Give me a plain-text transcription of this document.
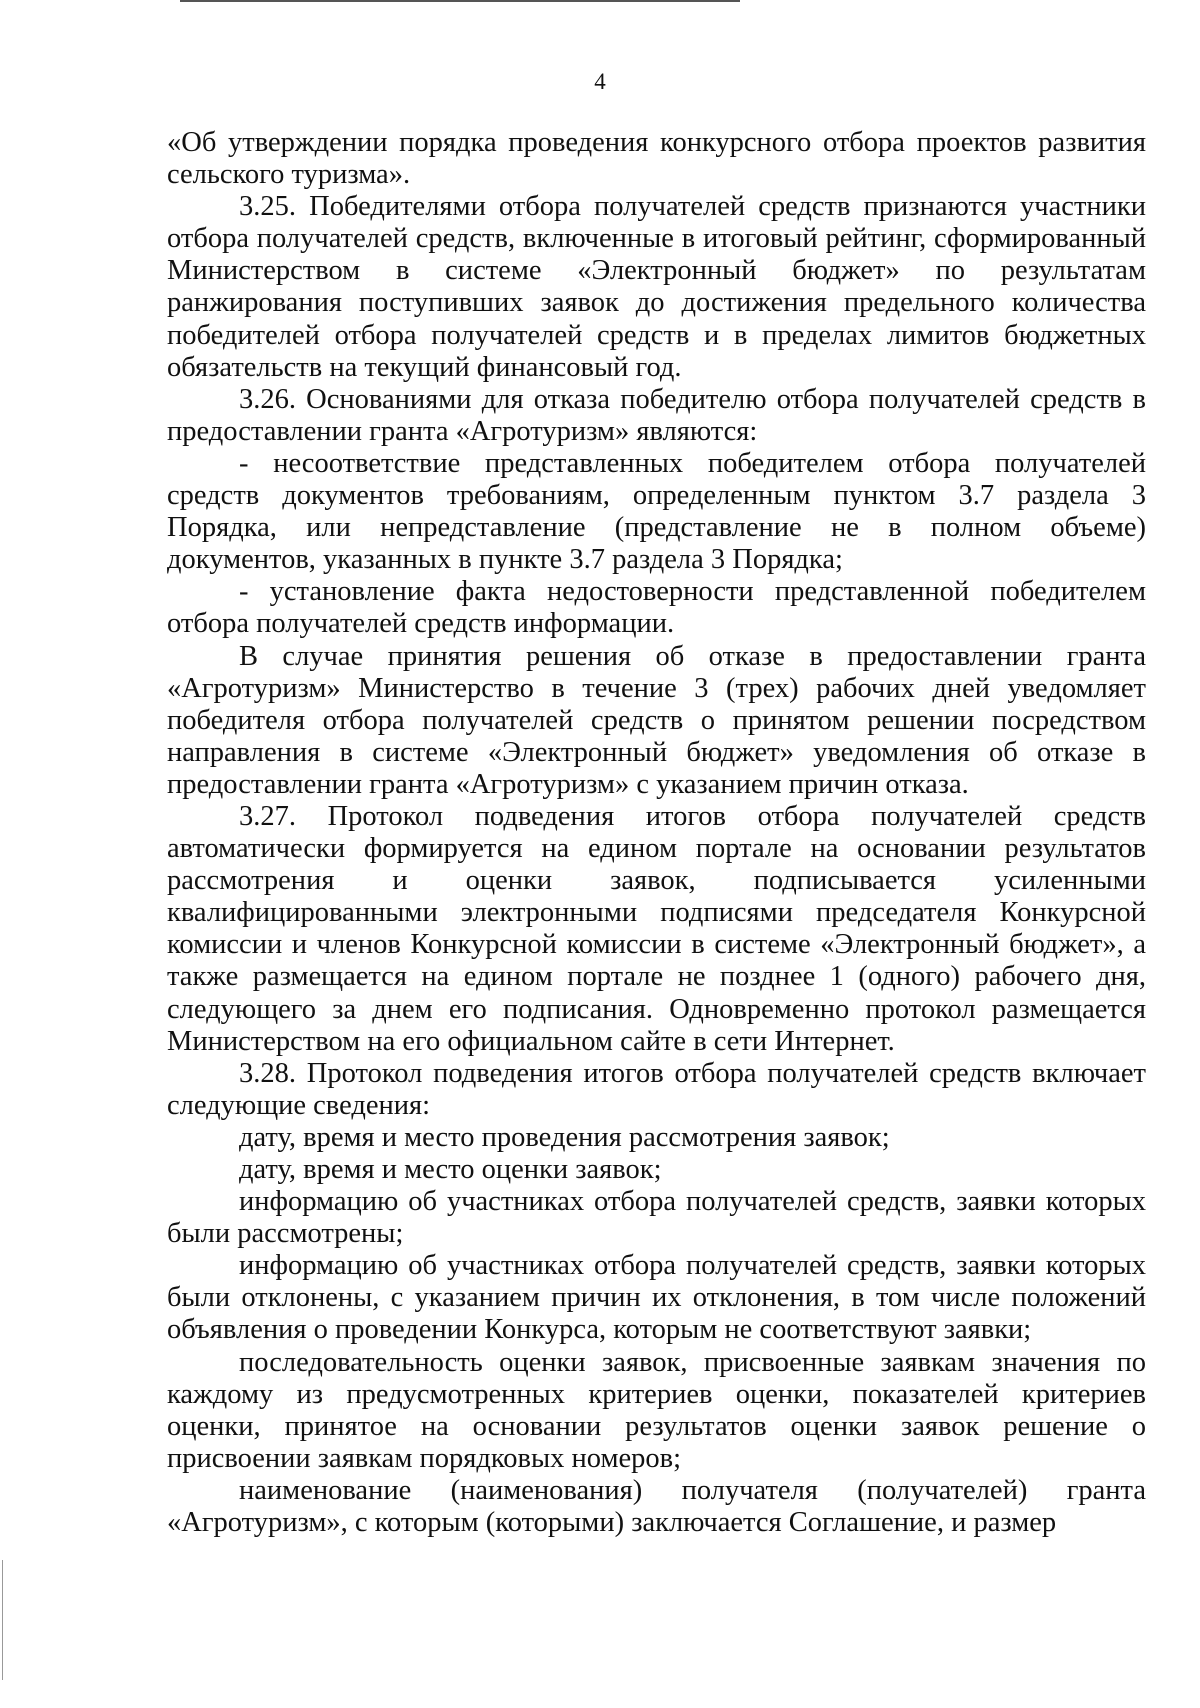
4

«Об утверждении порядка проведения конкурсного отбора проектов развития сельского туризма».

3.25. Победителями отбора получателей средств признаются участники отбора получателей средств, включенные в итоговый рейтинг, сформированный Министерством в системе «Электронный бюджет» по результатам ранжирования поступивших заявок до достижения предельного количества победителей отбора получателей средств и в пределах лимитов бюджетных обязательств на текущий финансовый год.

3.26. Основаниями для отказа победителю отбора получателей средств в предоставлении гранта «Агротуризм» являются:

- несоответствие представленных победителем отбора получателей средств документов требованиям, определенным пунктом 3.7 раздела 3 Порядка, или непредставление (представление не в полном объеме) документов, указанных в пункте 3.7 раздела 3 Порядка;

- установление факта недостоверности представленной победителем отбора получателей средств информации.

В случае принятия решения об отказе в предоставлении гранта «Агротуризм» Министерство в течение 3 (трех) рабочих дней уведомляет победителя отбора получателей средств о принятом решении посредством направления в системе «Электронный бюджет» уведомления об отказе в предоставлении гранта «Агротуризм» с указанием причин отказа.

3.27. Протокол подведения итогов отбора получателей средств автоматически формируется на едином портале на основании результатов рассмотрения и оценки заявок, подписывается усиленными квалифицированными электронными подписями председателя Конкурсной комиссии и членов Конкурсной комиссии в системе «Электронный бюджет», а также размещается на едином портале не позднее 1 (одного) рабочего дня, следующего за днем его подписания. Одновременно протокол размещается Министерством на его официальном сайте в сети Интернет.

3.28. Протокол подведения итогов отбора получателей средств включает следующие сведения:

дату, время и место проведения рассмотрения заявок;

дату, время и место оценки заявок;

информацию об участниках отбора получателей средств, заявки которых были рассмотрены;

информацию об участниках отбора получателей средств, заявки которых были отклонены, с указанием причин их отклонения, в том числе положений объявления о проведении Конкурса, которым не соответствуют заявки;

последовательность оценки заявок, присвоенные заявкам значения по каждому из предусмотренных критериев оценки, показателей критериев оценки, принятое на основании результатов оценки заявок решение о присвоении заявкам порядковых номеров;

наименование (наименования) получателя (получателей) гранта «Агротуризм», с которым (которыми) заключается Соглашение, и размер
